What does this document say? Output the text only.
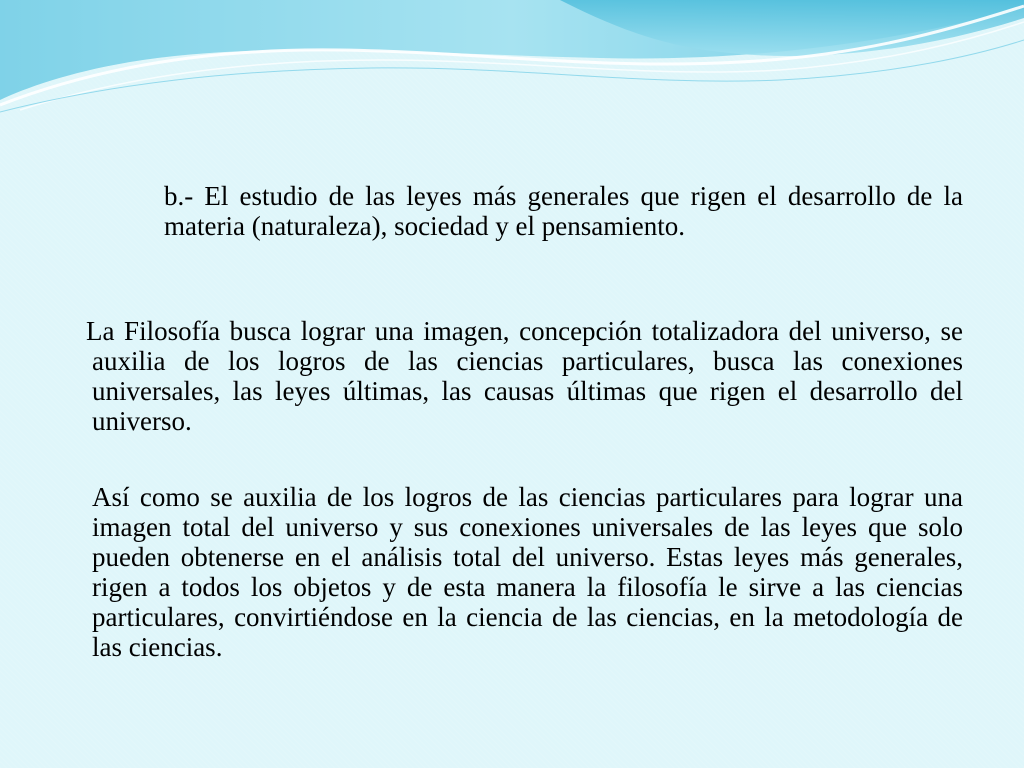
b.- El estudio de las leyes más generales que rigen el desarrollo de la materia (naturaleza), sociedad y el pensamiento.

La Filosofía busca lograr una imagen, concepción totalizadora del universo, se auxilia de los logros de las ciencias particulares, busca las conexiones universales, las leyes últimas, las causas últimas que rigen el desarrollo del universo.

Así como se auxilia de los logros de las ciencias particulares para lograr una imagen total del universo y sus conexiones universales de las leyes que solo pueden obtenerse en el análisis total del universo. Estas leyes más generales, rigen a todos los objetos y de esta manera la filosofía le sirve a las ciencias particulares, convirtiéndose en la ciencia de las ciencias, en la metodología de las ciencias.
